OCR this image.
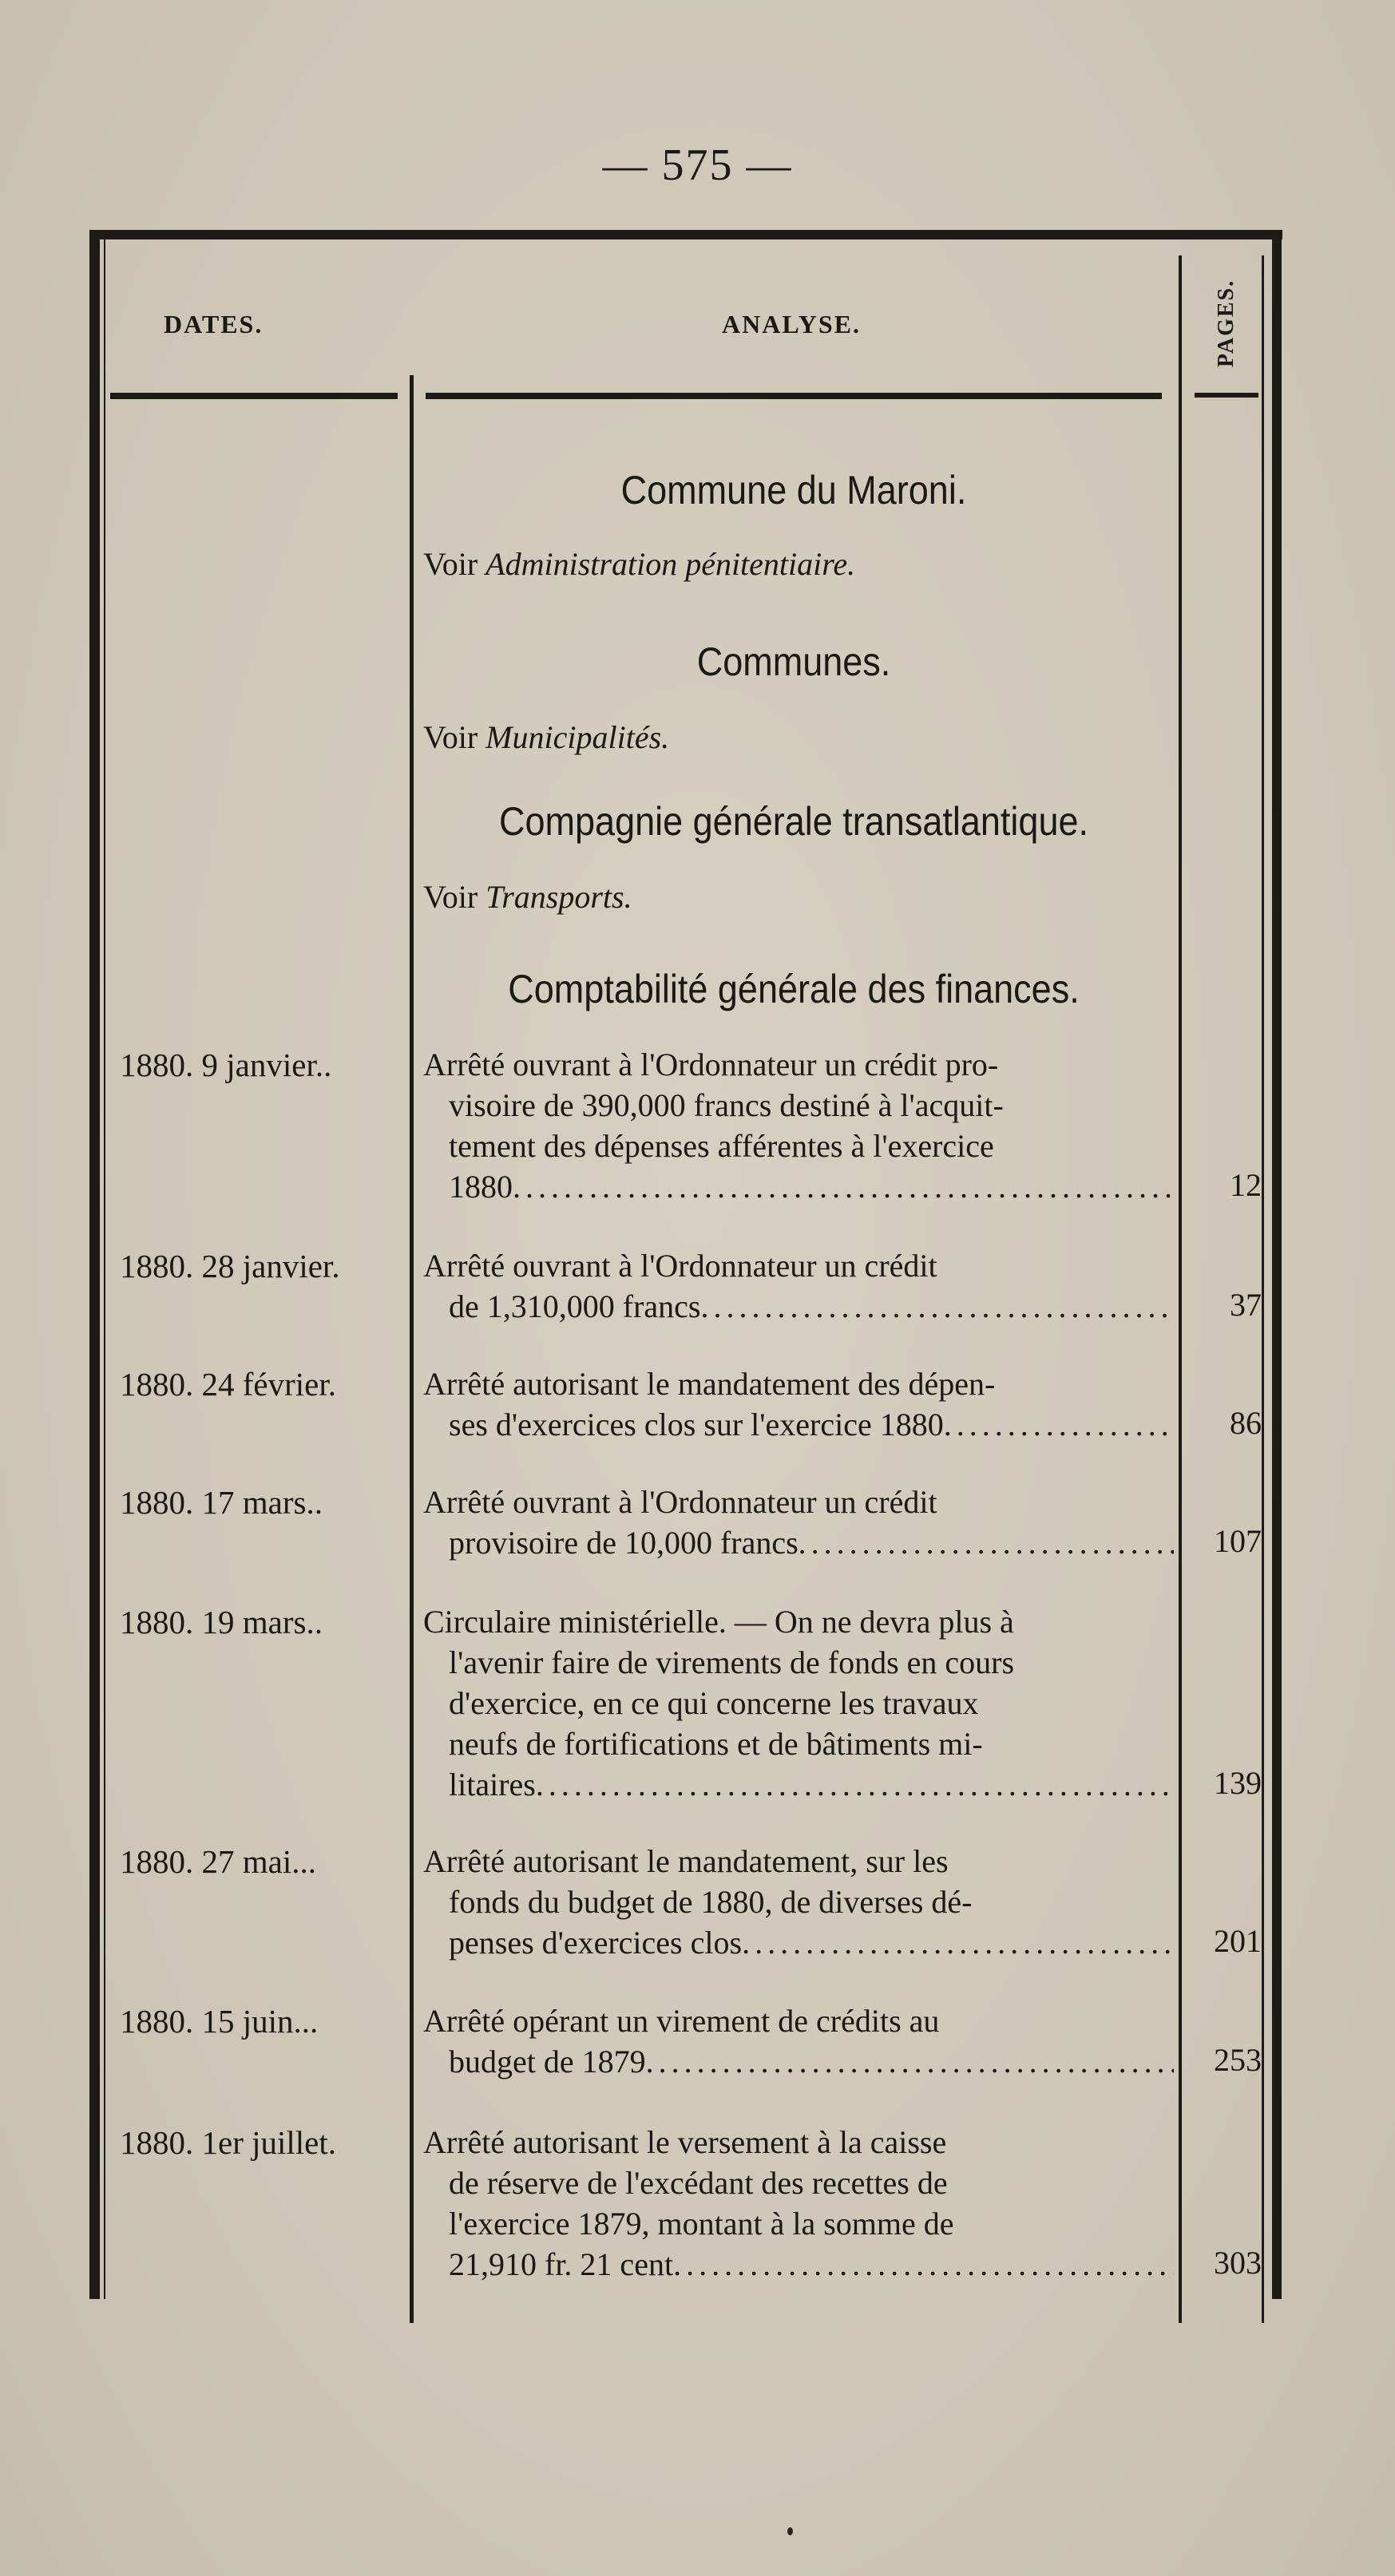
— 575 —
DATES.	ANALYSE.	PAGES.
Commune du Maroni.
Voir Administration pénitentiaire.
Communes.
Voir Municipalités.
Compagnie générale transatlantique.
Voir Transports.
Comptabilité générale des finances.
1880. 9 janvier..	Arrêté ouvrant à l'Ordonnateur un crédit pro-
visoire de 390,000 francs destiné à l'acquit-
tement des dépenses afférentes à l'exercice
1880 . . .	12
1880. 28 janvier.	Arrêté ouvrant à l'Ordonnateur un crédit
de 1,310,000 francs . . .	37
1880. 24 février.	Arrêté autorisant le mandatement des dépen-
ses d'exercices clos sur l'exercice 1880 . . .	86
1880. 17 mars..	Arrêté ouvrant à l'Ordonnateur un crédit
provisoire de 10,000 francs . . .	107
1880. 19 mars..	Circulaire ministérielle. — On ne devra plus à
l'avenir faire de virements de fonds en cours
d'exercice, en ce qui concerne les travaux
neufs de fortifications et de bâtiments mi-
litaires . . .	139
1880. 27 mai...	Arrêté autorisant le mandatement, sur les
fonds du budget de 1880, de diverses dé-
penses d'exercices clos . . .	201
1880. 15 juin...	Arrêté opérant un virement de crédits au
budget de 1879 . . .	253
1880. 1er juillet.	Arrêté autorisant le versement à la caisse
de réserve de l'excédant des recettes de
l'exercice 1879, montant à la somme de
21,910 fr. 21 cent . . .	303
